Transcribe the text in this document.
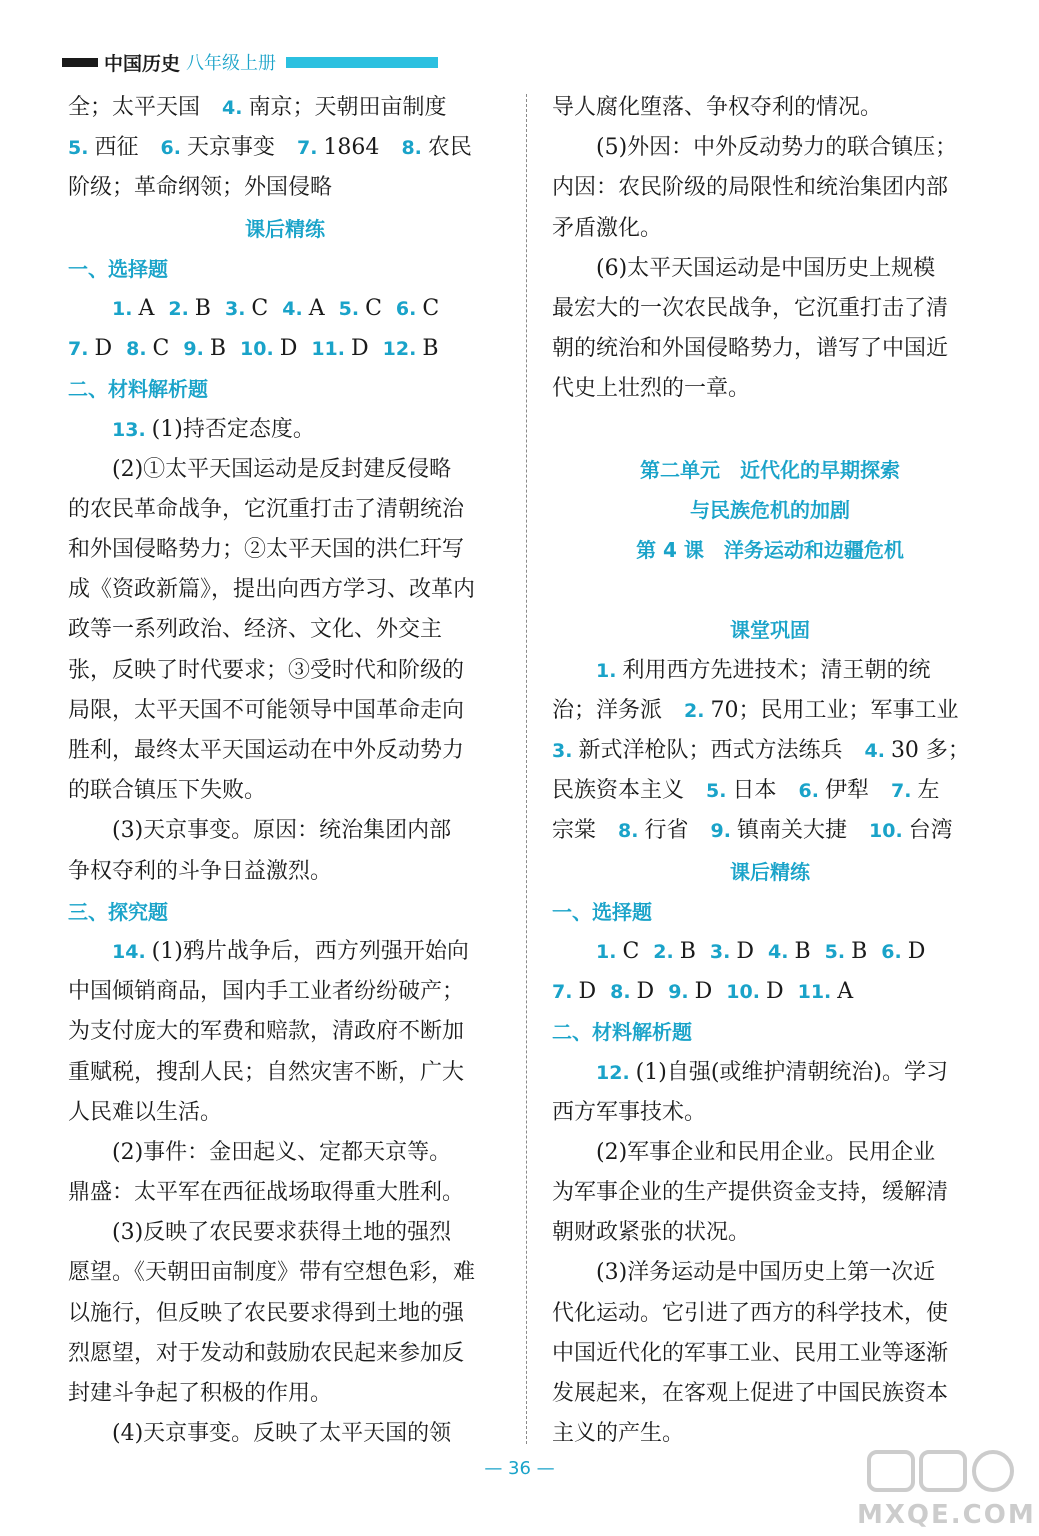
中国历史 八年级上册
全；太平天国　 4. 南京；天朝田亩制度
5. 西征　 6. 天京事变　 7. 1864　 8. 农民
阶级；革命纲领；外国侵略
课后精练
一、选择题
1. A 2. B 3. C 4. A 5. C 6. C
7. D 8. C 9. B 10. D 11. D 12. B
二、材料解析题
13. (1)持否定态度。
(2)①太平天国运动是反封建反侵略
的农民革命战争，它沉重打击了清朝统治
和外国侵略势力；②太平天国的洪仁玕写
成《资政新篇》，提出向西方学习、改革内
政等一系列政治、经济、文化、外交主
张，反映了时代要求；③受时代和阶级的
局限，太平天国不可能领导中国革命走向
胜利，最终太平天国运动在中外反动势力
的联合镇压下失败。
(3)天京事变。原因：统治集团内部
争权夺利的斗争日益激烈。
三、探究题
14. (1)鸦片战争后，西方列强开始向
中国倾销商品，国内手工业者纷纷破产；
为支付庞大的军费和赔款，清政府不断加
重赋税，搜刮人民；自然灾害不断，广大
人民难以生活。
(2)事件：金田起义、定都天京等。
鼎盛：太平军在西征战场取得重大胜利。
(3)反映了农民要求获得土地的强烈
愿望。《天朝田亩制度》带有空想色彩，难
以施行，但反映了农民要求得到土地的强
烈愿望，对于发动和鼓励农民起来参加反
封建斗争起了积极的作用。
(4)天京事变。反映了太平天国的领
导人腐化堕落、争权夺利的情况。
(5)外因：中外反动势力的联合镇压；
内因：农民阶级的局限性和统治集团内部
矛盾激化。
(6)太平天国运动是中国历史上规模
最宏大的一次农民战争，它沉重打击了清
朝的统治和外国侵略势力，谱写了中国近
代史上壮烈的一章。
第二单元　近代化的早期探索
与民族危机的加剧
第 4 课　洋务运动和边疆危机
课堂巩固
1. 利用西方先进技术；清王朝的统
治；洋务派　 2. 70；民用工业；军事工业
3. 新式洋枪队；西式方法练兵　 4. 30 多；
民族资本主义　 5. 日本　 6. 伊犁　 7. 左
宗棠　 8. 行省　 9. 镇南关大捷　 10. 台湾
课后精练
一、选择题
1. C 2. B 3. D 4. B 5. B 6. D
7. D 8. D 9. D 10. D 11. A
二、材料解析题
12. (1)自强(或维护清朝统治)。学习
西方军事技术。
(2)军事企业和民用企业。民用企业
为军事企业的生产提供资金支持，缓解清
朝财政紧张的状况。
(3)洋务运动是中国历史上第一次近
代化运动。它引进了西方的科学技术，使
中国近代化的军事工业、民用工业等逐渐
发展起来，在客观上促进了中国民族资本
主义的产生。
— 36 —
MXQE.COM
